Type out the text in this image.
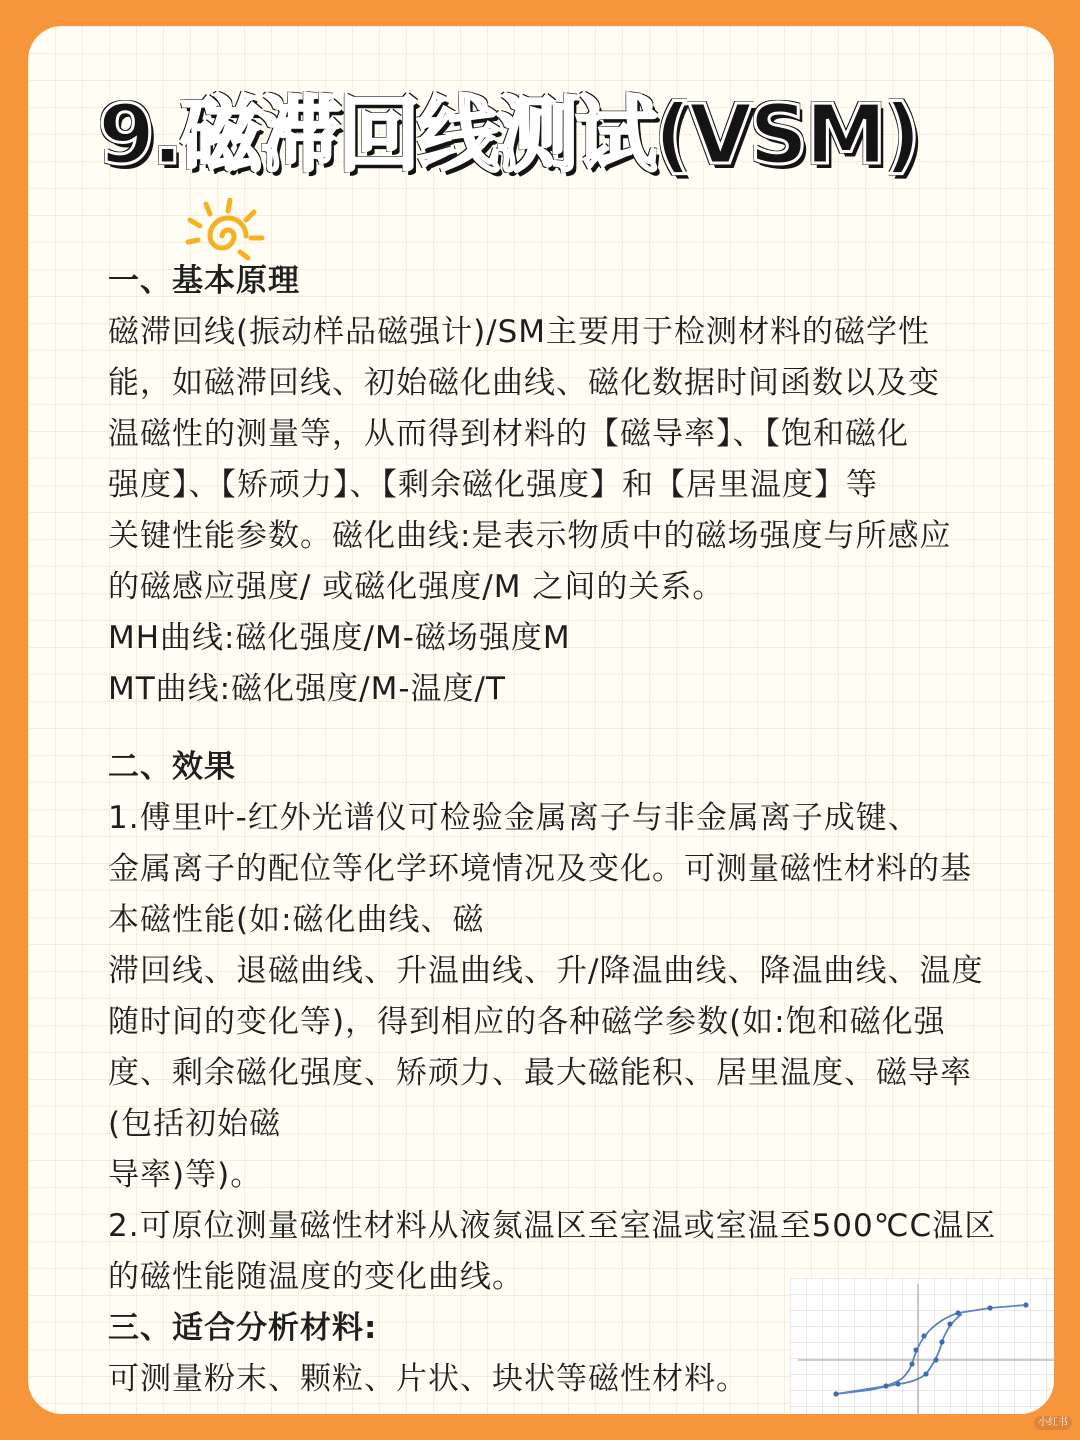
9.磁滞回线测试(VSM)
一、基本原理

磁滞回线(振动样品磁强计)/SM主要用于检测材料的磁学性

能，如磁滞回线、初始磁化曲线、磁化数据时间函数以及变

温磁性的测量等，从而得到材料的【磁导率】、【饱和磁化

强度】、【矫顽力】、【剩余磁化强度】和【居里温度】等

关键性能参数。磁化曲线:是表示物质中的磁场强度与所感应

的磁感应强度/ 或磁化强度/M 之间的关系。

MH曲线:磁化强度/M-磁场强度M

MT曲线:磁化强度/M-温度/T

二、效果

1.傅里叶-红外光谱仪可检验金属离子与非金属离子成键、

金属离子的配位等化学环境情况及变化。可测量磁性材料的基

本磁性能(如:磁化曲线、磁

滞回线、退磁曲线、升温曲线、升/降温曲线、降温曲线、温度

随时间的变化等)，得到相应的各种磁学参数(如:饱和磁化强

度、剩余磁化强度、矫顽力、最大磁能积、居里温度、磁导率

(包括初始磁

导率)等)。

2.可原位测量磁性材料从液氮温区至室温或室温至500℃C温区

的磁性能随温度的变化曲线。

三、适合分析材料:

可测量粉末、颗粒、片状、块状等磁性材料。

小红书
